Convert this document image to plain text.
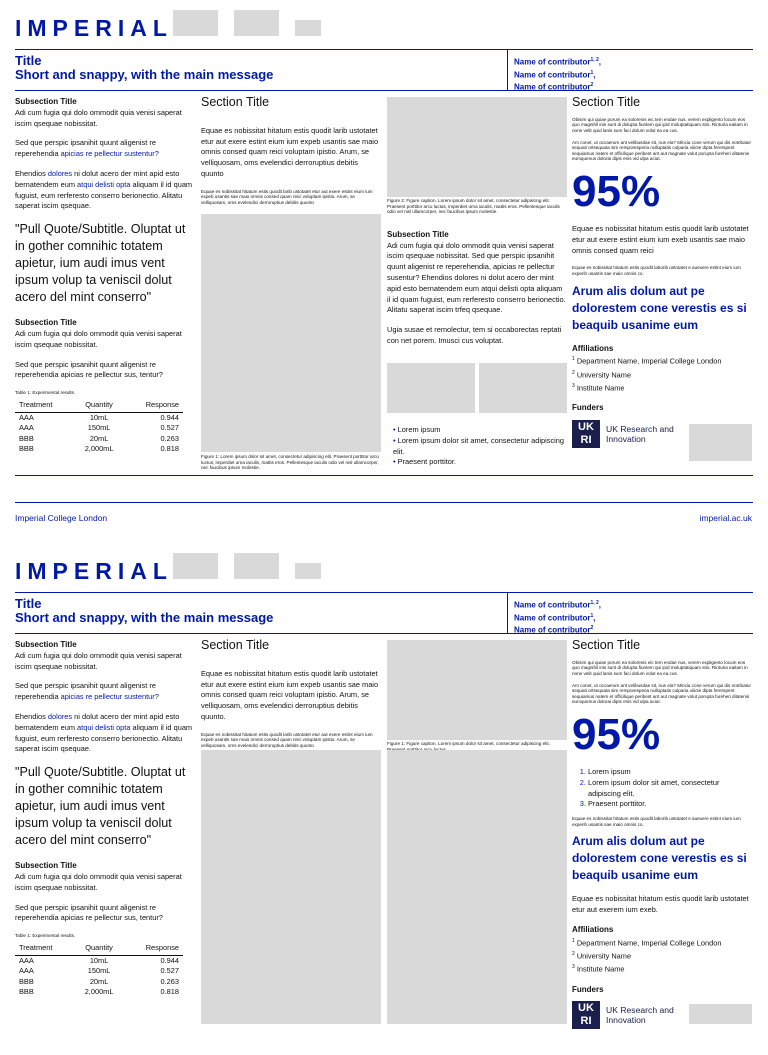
IMPERIAL
Title
Short and snappy, with the main message
Name of contributor$^{1, 2}$,
Name of contributor$^1$,
Name of contributor$^2$

Subsection Title

Adi cum fugia qui dolo ommodit quia venisi saperat iscim qsequae nobissitat.

Sed que perspic ipsanihit quunt aligenist re reperehendia apicias re pellectur sustentur?

Ehendios dolores ni dolut acero der mint apid esto bernatendem eum atqui delisti opta aliquam il id quam fuguist, eum rerferesto conserro berionectio. Alitatu saperat iscim qsequae.

"Pull Quote/Subtitle. Oluptat ut in gother comnihic totatem apietur, ium audi imus vent ipsum volup ta veniscil dolut acero del mint conserro"

Subsection Title

Adi cum fugia qui dolo ommodit quia venisi saperat iscim qsequae nobissitat.

Sed que perspic ipsanihit quunt aligenist re reperehendia apicias re pellectur sus, tentur?

Table 1: Experimental results.

Treatment	Quantity	Response
AAA	10mL	0.944
AAA	150mL	0.527
BBB	20mL	0.263
BBB	2,000mL	0.818

Section Title

Equae es nobissitat hitatum estis quodit larib ustotatet etur aut exere estint eium ium expeb usantis sae maio omnis consed quam reici voluptam ipistio. Arum, se velliquosam, oms evelendici derroruptius debitis quunto

Equae es nobissitat hitatum estis quodit larib ustotatet etur aut exere estint eium ium expeb usantis sae maio omnis consed quam reici voluptam ipistio. Arum, se velliquosam, oms evelendici derroruptius debitis quunto

Figure 1: Lorem ipsum dolor sit amet, consectetur adipiscing elit. Praesent porttitor arcu luctus, imperdiet urna iaculis, mattis eros. Pellentesque iaculis odio vel nisl ullamcorper, nec faucibus ipsum molestie.

Figure 2: Figure caption. Lorem ipsum dolor sit amet, consectetur adipiscing elit. Praesent porttitor arcu luctus, imperdiet urna iaculis, mattis eros. Pellentesque iaculis odio vel nisl ullamcorper, nec faucibus ipsum molestie.

Subsection Title

Adi cum fugia qui dolo ommodit quia venisi saperat iscim qsequae nobissitat. Sed que perspic ipsanihit quunt aligenist re reperehendia, apicias re pellectur susentur? Ehendios dolores ni dolut acero der mint apid esto bernatendem eum atqui delisti opta aliquam il id quam fuguist, eum rerferesto conserro berionectio. Alitatu saperat iscim trfeq qsequae.

Ugia susae et remolectur, tem si occaborectas reptati con net porem. Imusci cus voluptat.

• Lorem ipsum
• Lorem ipsum dolor sit amet, consectetur adipiscing elit.
• Praesent porttitor.

Section Title

Obisim qui quiae porum ea solorenis eic tem endae nus, verem expligento locum eos quo magnihil inis sunt di dolupta fiuntem qui ipid moluptatiquam stio. Rinturia eaitam in none velit quid lanis sum faci dolum volut ea ea cus.

Am conet, ut occaerum ant velibusdae sit, nus ela? Mincia cone verum qui dis notribatur sequati ortsequata sim remporesperia nulluptatis culparia viiicte dipta fererspent sequiamus natem et officilique peribent ant aut magnate volut porupta fureheri ditatenis eumquenus dolorai dipis enis vid ulpa aciut.

95%

Equae es nobissitat hitatum estis quodit larib ustotatet etur aut exere estint eium ium exeb usantis sae maio omnis consed quam reici

Equae es nobissitat hitatum estis quodit laborib ustotatet e auexere estint eium ium experih usantis sae maio omnis co.

Arum alis dolum aut pe dolorestem cone verestis es si beaquib usanime eum

Affiliations

$^1$ Department Name, Imperial College London
$^2$ University Name
$^3$ Institute Name

Funders

UK RI
UK Research and Innovation
Imperial College London	imperial.ac.uk
IMPERIAL
Title
Short and snappy, with the main message
Name of contributor$^{1, 2}$,
Name of contributor$^1$,
Name of contributor$^2$

Subsection Title

Adi cum fugia qui dolo ommodit quia venisi saperat iscim qsequae nobissitat.

Sed que perspic ipsanihit quunt aligenist re reperehendia apicias re pellectur sustentur?

Ehendios dolores ni dolut acero der mint apid esto bernatendem eum atqui delisti opta aliquam il id quam fuguist, eum rerferesto conserro berionectio. Alitatu saperat iscim qsequae.

"Pull Quote/Subtitle. Oluptat ut in gother comnihic totatem apietur, ium audi imus vent ipsum volup ta veniscil dolut acero del mint conserro"

Subsection Title

Adi cum fugia qui dolo ommodit quia venisi saperat iscim qsequae nobissitat.

Sed que perspic ipsanihit quunt aligenist re reperehendia apicias re pellectur sus, tentur?

Table 1: Experimental results.

Treatment	Quantity	Response
AAA	10mL	0.944
AAA	150mL	0.527
BBB	20mL	0.263
BBB	2,000mL	0.818

Section Title

Equae es nobissitat hitatum estis quodit larib ustotatet etur aut exere estint eium ium expeb usantis sae maio omnis consed quam reici voluptam ipistio. Arum, se velliquosam, oms evelendici derroruptius debitis quunto.

Equae es nobissitat hitatum estis quodit larib ustotatet etur aut exere estint eium ium expeb usantis sae maio omnis consed quam reici voluptam ipistio. Arum, se velliquosam, oms evelendici derroruptius debitis quunto	Figure 1: Figure caption. Lorem ipsum dolor sit amet, consectetur adipiscing elit.

Section Title

Obisim qui quiae porum ea solorenis eic tem endae nus, verem expligento locum eos quo magnihil inis sunt di dolupta fiuntem qui ipid moluptatiquam stio. Rinturia eaitam in none velit quid lanis sum faci dolum volut ea ea cus.

Am conet, ut occaerum ant velibusdae sit, nus ela? Mincia cone verum qui dis notribatur sequati ortsequata sim remporesperia nulluptatis culparia viiicte dipta fererspent sequiamus natem et officilique peribent ant aut magnate volut porupta fureheri ditatenis eumquenus dolorai dipis enis vid ulpa aciut.

95%

1. Lorem ipsum
2. Lorem ipsum dolor sit amet, consectetur adipiscing elit.
3. Praesent porttitor.

Equae es nobissitat hitatum estis quodit laborib ustotatet e auexere estint eium ium experih usantis sae maio omnis co.

Arum alis dolum aut pe dolorestem cone verestis es si beaquib usanime eum

Equae es nobissitat hitatum estis quodit larib ustotatet etur aut exerem ium exeb.

Affiliations

$^1$ Department Name, Imperial College London
$^2$ University Name
$^3$ Institute Name

Funders

UK RI
UK Research and Innovation
